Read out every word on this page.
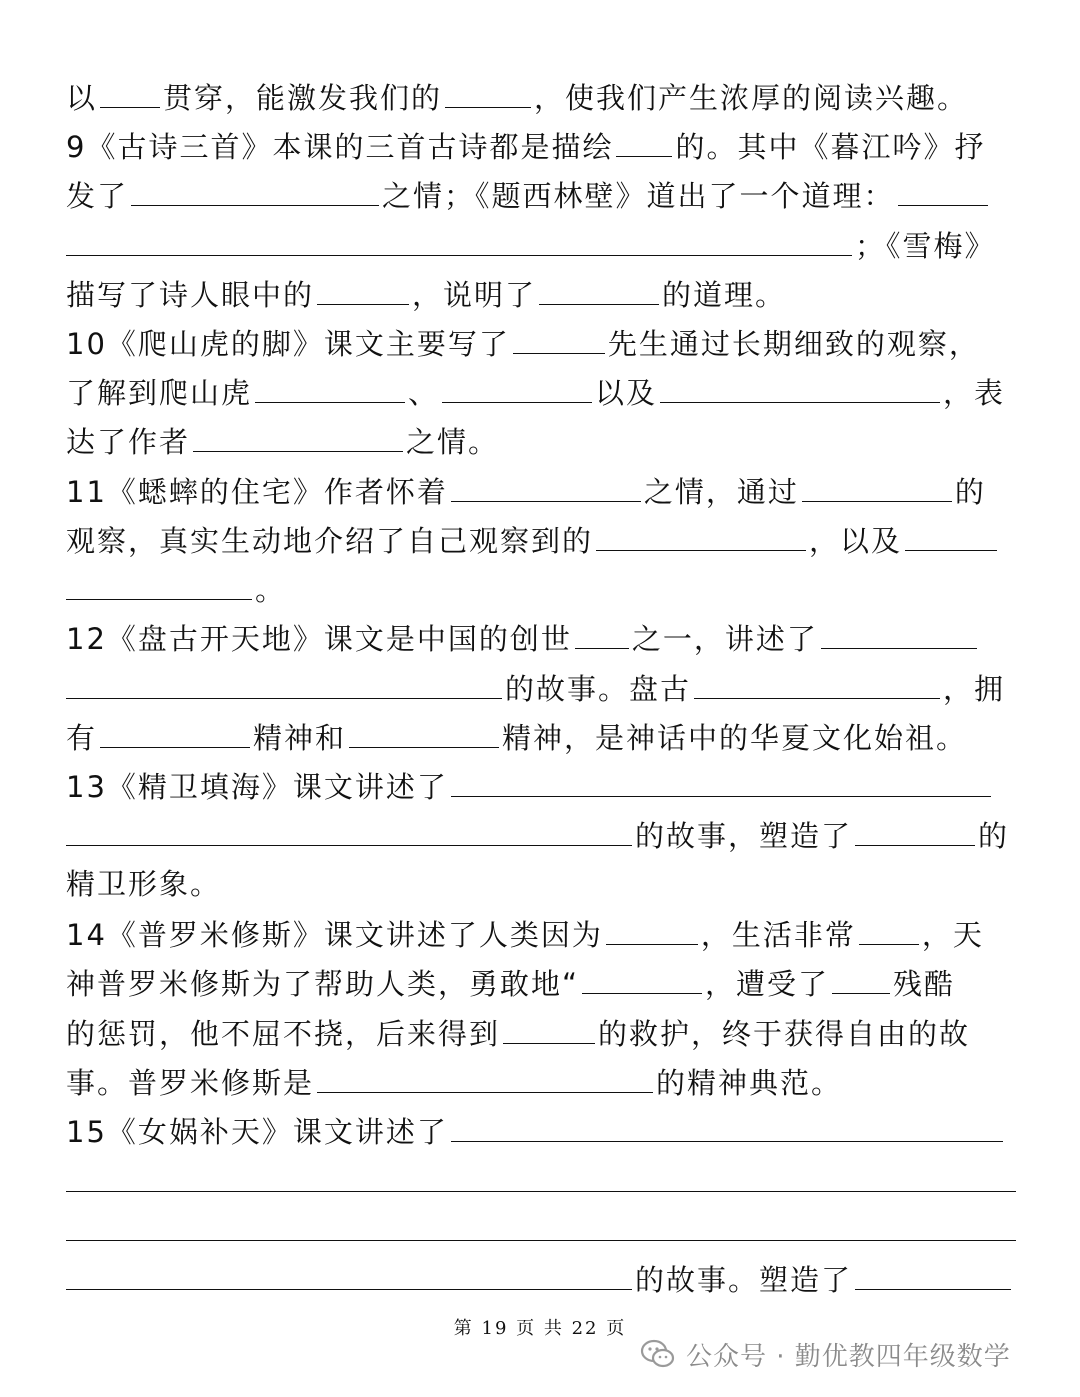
以 贯穿，能激发我们的	，使我们产生浓厚的阅读兴趣。
9《古诗三首》本课的三首古诗都是描绘 的。其中《暮江吟》抒
发了	之情；《题西林壁》道出了一个道理：
；《雪梅》
描写了诗人眼中的	，说明了	的道理。
10《爬山虎的脚》课文主要写了	先生通过长期细致的观察，
了解到爬山虎	、	以及	，表
达了作者	之情。
11《蟋蟀的住宅》作者怀着	之情，通过	的
观察，真实生动地介绍了自己观察到的	，以及
。
12《盘古开天地》课文是中国的创世 之一，讲述了
的故事。盘古	，拥
有	精神和	精神，是神话中的华夏文化始祖。
13《精卫填海》课文讲述了
的故事，塑造了	的
精卫形象。
14《普罗米修斯》课文讲述了人类因为	，生活非常 ，天
神普罗米修斯为了帮助人类，勇敢地“	，遭受了 残酷
的惩罚，他不屈不挠，后来得到	的救护，终于获得自由的故
事。普罗米修斯是	的精神典范。
15《女娲补天》课文讲述了
的故事。塑造了
第 19 页 共 22 页
公众号 · 勤优教四年级数学
